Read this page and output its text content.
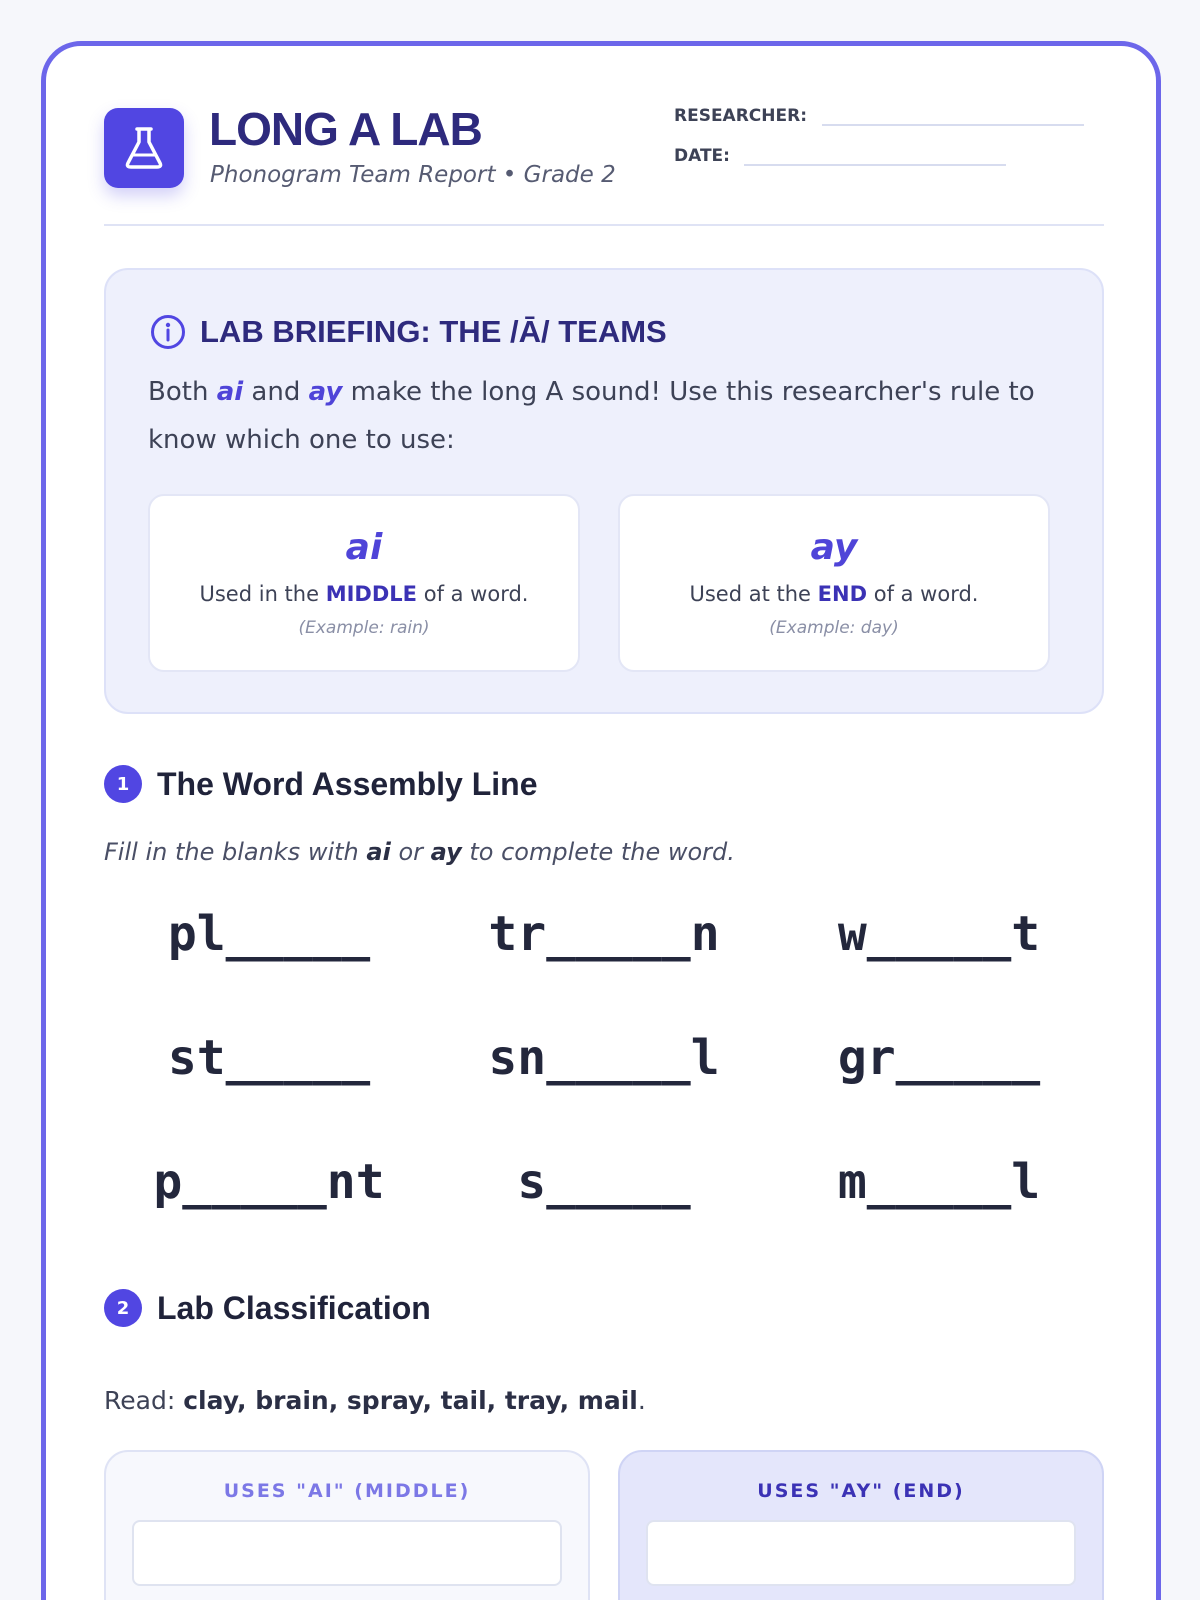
LONG A LAB
Phonogram Team Report • Grade 2
RESEARCHER:
DATE:
LAB BRIEFING: THE /Ā/ TEAMS
Both ai and ay make the long A sound! Use this researcher's rule to know which one to use:
ai
Used in the MIDDLE of a word.
(Example: rain)
ay
Used at the END of a word.
(Example: day)
1 The Word Assembly Line
Fill in the blanks with ai or ay to complete the word.
pl_____	tr_____n	w_____t
st_____	sn_____l	gr_____
p_____nt	s_____	m_____l
2 Lab Classification
Read: clay, brain, spray, tail, tray, mail.
USES "AI" (MIDDLE)	USES "AY" (END)
